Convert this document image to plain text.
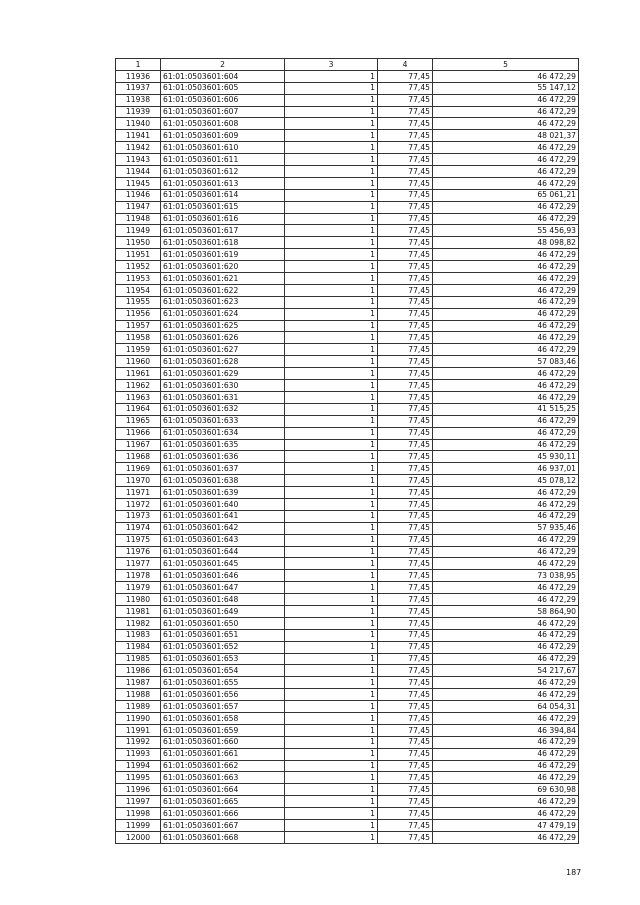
1	2	3	4	5
11936	61:01:0503601:604	1	77,45	46 472,29
11937	61:01:0503601:605	1	77,45	55 147,12
11938	61:01:0503601:606	1	77,45	46 472,29
11939	61:01:0503601:607	1	77,45	46 472,29
11940	61:01:0503601:608	1	77,45	46 472,29
11941	61:01:0503601:609	1	77,45	48 021,37
11942	61:01:0503601:610	1	77,45	46 472,29
11943	61:01:0503601:611	1	77,45	46 472,29
11944	61:01:0503601:612	1	77,45	46 472,29
11945	61:01:0503601:613	1	77,45	46 472,29
11946	61:01:0503601:614	1	77,45	65 061,21
11947	61:01:0503601:615	1	77,45	46 472,29
11948	61:01:0503601:616	1	77,45	46 472,29
11949	61:01:0503601:617	1	77,45	55 456,93
11950	61:01:0503601:618	1	77,45	48 098,82
11951	61:01:0503601:619	1	77,45	46 472,29
11952	61:01:0503601:620	1	77,45	46 472,29
11953	61:01:0503601:621	1	77,45	46 472,29
11954	61:01:0503601:622	1	77,45	46 472,29
11955	61:01:0503601:623	1	77,45	46 472,29
11956	61:01:0503601:624	1	77,45	46 472,29
11957	61:01:0503601:625	1	77,45	46 472,29
11958	61:01:0503601:626	1	77,45	46 472,29
11959	61:01:0503601:627	1	77,45	46 472,29
11960	61:01:0503601:628	1	77,45	57 083,46
11961	61:01:0503601:629	1	77,45	46 472,29
11962	61:01:0503601:630	1	77,45	46 472,29
11963	61:01:0503601:631	1	77,45	46 472,29
11964	61:01:0503601:632	1	77,45	41 515,25
11965	61:01:0503601:633	1	77,45	46 472,29
11966	61:01:0503601:634	1	77,45	46 472,29
11967	61:01:0503601:635	1	77,45	46 472,29
11968	61:01:0503601:636	1	77,45	45 930,11
11969	61:01:0503601:637	1	77,45	46 937,01
11970	61:01:0503601:638	1	77,45	45 078,12
11971	61:01:0503601:639	1	77,45	46 472,29
11972	61:01:0503601:640	1	77,45	46 472,29
11973	61:01:0503601:641	1	77,45	46 472,29
11974	61:01:0503601:642	1	77,45	57 935,46
11975	61:01:0503601:643	1	77,45	46 472,29
11976	61:01:0503601:644	1	77,45	46 472,29
11977	61:01:0503601:645	1	77,45	46 472,29
11978	61:01:0503601:646	1	77,45	73 038,95
11979	61:01:0503601:647	1	77,45	46 472,29
11980	61:01:0503601:648	1	77,45	46 472,29
11981	61:01:0503601:649	1	77,45	58 864,90
11982	61:01:0503601:650	1	77,45	46 472,29
11983	61:01:0503601:651	1	77,45	46 472,29
11984	61:01:0503601:652	1	77,45	46 472,29
11985	61:01:0503601:653	1	77,45	46 472,29
11986	61:01:0503601:654	1	77,45	54 217,67
11987	61:01:0503601:655	1	77,45	46 472,29
11988	61:01:0503601:656	1	77,45	46 472,29
11989	61:01:0503601:657	1	77,45	64 054,31
11990	61:01:0503601:658	1	77,45	46 472,29
11991	61:01:0503601:659	1	77,45	46 394,84
11992	61:01:0503601:660	1	77,45	46 472,29
11993	61:01:0503601:661	1	77,45	46 472,29
11994	61:01:0503601:662	1	77,45	46 472,29
11995	61:01:0503601:663	1	77,45	46 472,29
11996	61:01:0503601:664	1	77,45	69 630,98
11997	61:01:0503601:665	1	77,45	46 472,29
11998	61:01:0503601:666	1	77,45	46 472,29
11999	61:01:0503601:667	1	77,45	47 479,19
12000	61:01:0503601:668	1	77,45	46 472,29
187
